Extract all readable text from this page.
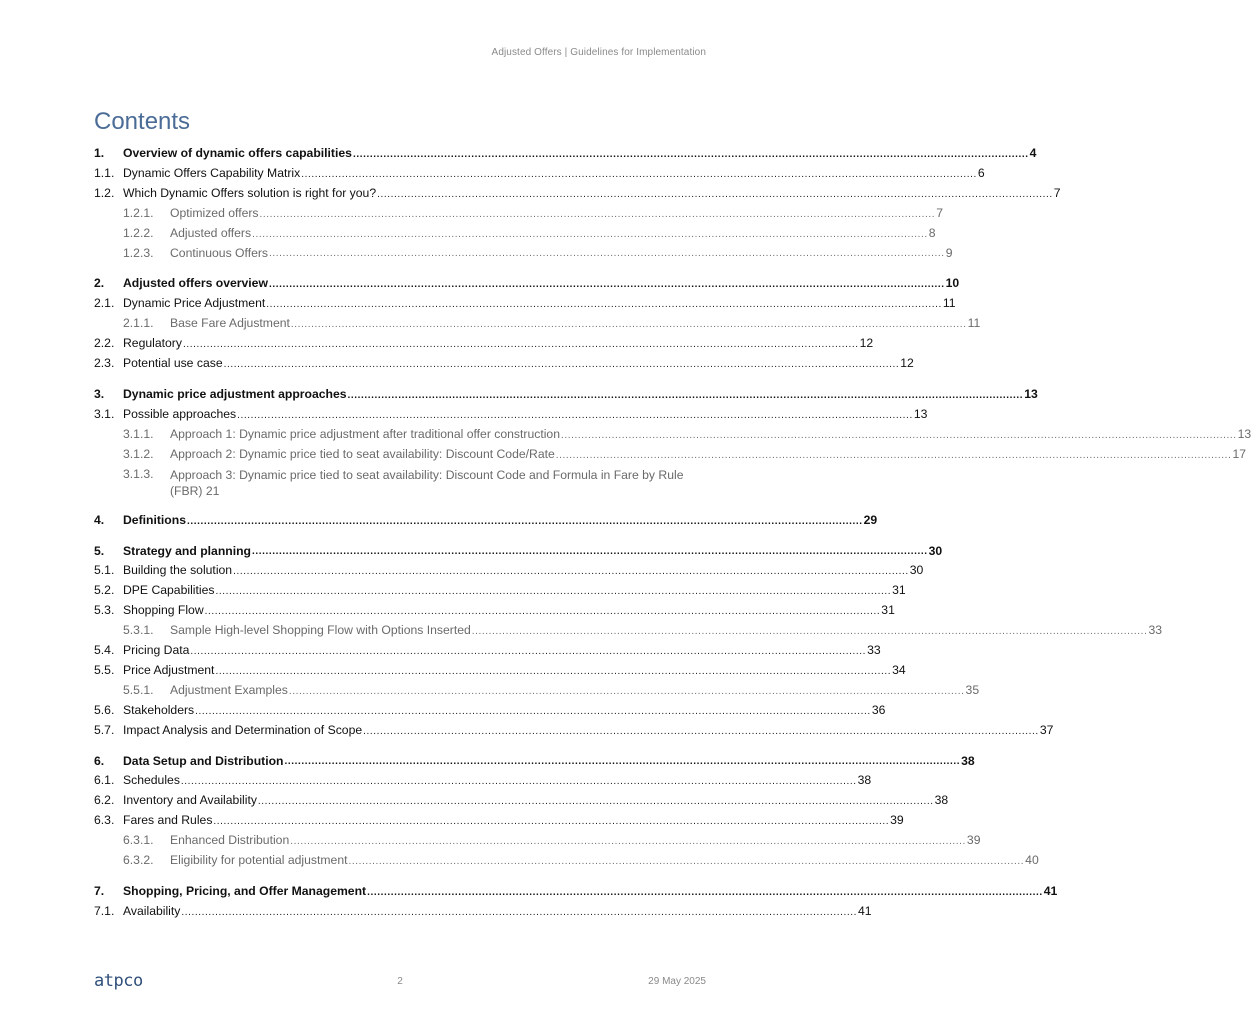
Adjusted Offers | Guidelines for Implementation
Contents
1.	Overview of dynamic offers capabilities ........................................................................................................................................................................................................ 4
1.1. Dynamic Offers Capability Matrix ........................................................................................................................................................................................................ 6
1.2. Which Dynamic Offers solution is right for you? ........................................................................................................................................................................................................ 7
1.2.1.	Optimized offers ........................................................................................................................................................................................................ 7
1.2.2.	Adjusted offers ........................................................................................................................................................................................................ 8
1.2.3.	Continuous Offers ........................................................................................................................................................................................................ 9
2.	Adjusted offers overview ........................................................................................................................................................................................................ 10
2.1. Dynamic Price Adjustment ........................................................................................................................................................................................................ 11
2.1.1.	Base Fare Adjustment ........................................................................................................................................................................................................ 11
2.2. Regulatory ........................................................................................................................................................................................................ 12
2.3. Potential use case ........................................................................................................................................................................................................ 12
3.	Dynamic price adjustment approaches ........................................................................................................................................................................................................ 13
3.1. Possible approaches ........................................................................................................................................................................................................ 13
3.1.1.	Approach 1: Dynamic price adjustment after traditional offer construction ........................................................................................................................................................................................................ 13
3.1.2.	Approach 2: Dynamic price tied to seat availability: Discount Code/Rate ........................................................................................................................................................................................................ 17
3.1.3.	Approach 3: Dynamic price tied to seat availability: Discount Code and Formula in Fare by Rule (FBR) 21
4.	Definitions ........................................................................................................................................................................................................ 29
5.	Strategy and planning ........................................................................................................................................................................................................ 30
5.1. Building the solution ........................................................................................................................................................................................................ 30
5.2. DPE Capabilities ........................................................................................................................................................................................................ 31
5.3. Shopping Flow ........................................................................................................................................................................................................ 31
5.3.1.	Sample High-level Shopping Flow with Options Inserted ........................................................................................................................................................................................................ 33
5.4. Pricing Data ........................................................................................................................................................................................................ 33
5.5. Price Adjustment ........................................................................................................................................................................................................ 34
5.5.1.	Adjustment Examples ........................................................................................................................................................................................................ 35
5.6. Stakeholders ........................................................................................................................................................................................................ 36
5.7. Impact Analysis and Determination of Scope ........................................................................................................................................................................................................ 37
6.	Data Setup and Distribution ........................................................................................................................................................................................................ 38
6.1. Schedules ........................................................................................................................................................................................................ 38
6.2. Inventory and Availability ........................................................................................................................................................................................................ 38
6.3. Fares and Rules ........................................................................................................................................................................................................ 39
6.3.1.	Enhanced Distribution ........................................................................................................................................................................................................ 39
6.3.2.	Eligibility for potential adjustment ........................................................................................................................................................................................................ 40
7.	Shopping, Pricing, and Offer Management ........................................................................................................................................................................................................ 41
7.1. Availability ........................................................................................................................................................................................................ 41
atpco	2	29 May 2025
